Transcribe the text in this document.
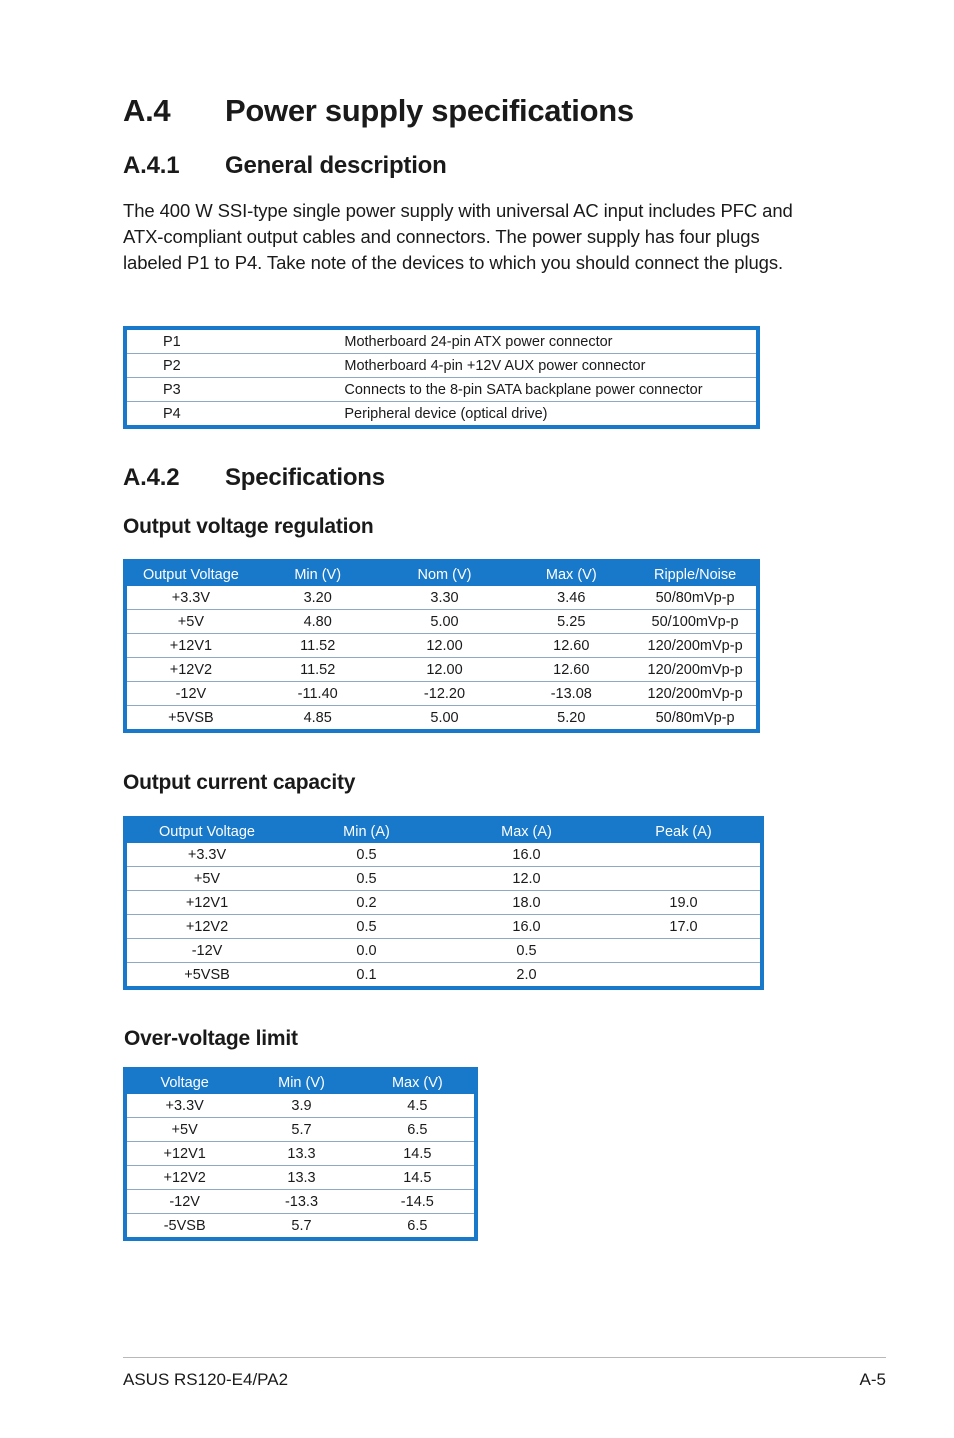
A.4 Power supply specifications
A.4.1 General description
The 400 W SSI-type single power supply with universal AC input includes PFC and
ATX-compliant output cables and connectors. The power supply has four plugs
labeled P1 to P4. Take note of the devices to which you should connect the plugs.
P1	Motherboard 24-pin ATX power connector
P2	Motherboard 4-pin +12V AUX power connector
P3	Connects to the 8-pin SATA backplane power connector
P4	Peripheral device (optical drive)
A.4.2 Specifications
Output voltage regulation
Output Voltage	Min (V)	Nom (V)	Max (V)	Ripple/Noise
+3.3V	3.20	3.30	3.46	50/80mVp-p
+5V	4.80	5.00	5.25	50/100mVp-p
+12V1	11.52	12.00	12.60	120/200mVp-p
+12V2	11.52	12.00	12.60	120/200mVp-p
-12V	-11.40	-12.20	-13.08	120/200mVp-p
+5VSB	4.85	5.00	5.20	50/80mVp-p
Output current capacity
Output Voltage	Min (A)	Max (A)	Peak (A)
+3.3V	0.5	16.0	
+5V	0.5	12.0	
+12V1	0.2	18.0	19.0
+12V2	0.5	16.0	17.0
-12V	0.0	0.5	
+5VSB	0.1	2.0	
Over-voltage limit
Voltage	Min (V)	Max (V)
+3.3V	3.9	4.5
+5V	5.7	6.5
+12V1	13.3	14.5
+12V2	13.3	14.5
-12V	-13.3	-14.5
-5VSB	5.7	6.5
ASUS RS120-E4/PA2	A-5
